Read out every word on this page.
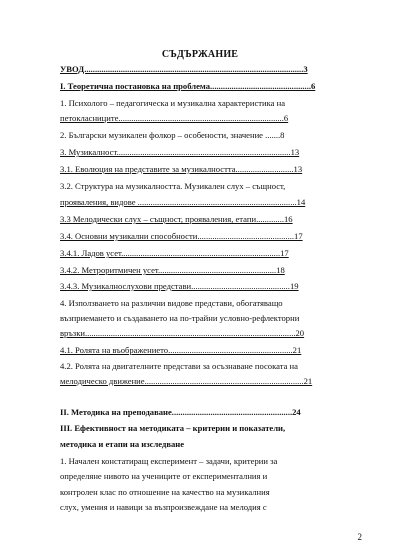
СЪДЪРЖАНИЕ
УВОД......................................................................................................3
І. Теоретична постановка на проблема...............................................6
1. Психолого – педагогическа и музикална характеристика на
петокласниците.............................................................................6
2. Български музикален фолкор – особености, значение .......8
3. Музикалност.................................................................................13
3.1. Еволюция на представите за музикалността...........................13
3.2. Структура на музикалността. Музикален слух – същност,
прояваления, видове ..........................................................................14
3.3 Мелодически слух – същност, прояваления, етапи.............16
3.4. Основни музикални способности.............................................17
3.4.1. Ладов усет..........................................................................17
3.4.2. Метроритмичен усет.......................................................18
3.4.3. Музикалнослухови представи..............................................19
4. Използването на различни видове представи, обогатяващо
възприемането и създаването на по-трайни условно-рефлекторни
връзки..................................................................................................20
4.1. Ролята на въображението..........................................................21
4.2. Ролята на двигателните представи за осъзнаване посоката на
мелодическо движение..........................................................................21
ІІ. Методика на преподаване........................................................24
ІІІ. Ефективност на методиката – критерии и показатели,
методика и етапи на изследване
1. Начален констатиращ експеримент – задачи, критерии за
определяне нивото на учениците от експерименталния и
контролен клас по отношение на качество на музикалния
слух, умения и навици за възпроизвеждане на мелодия с
2
